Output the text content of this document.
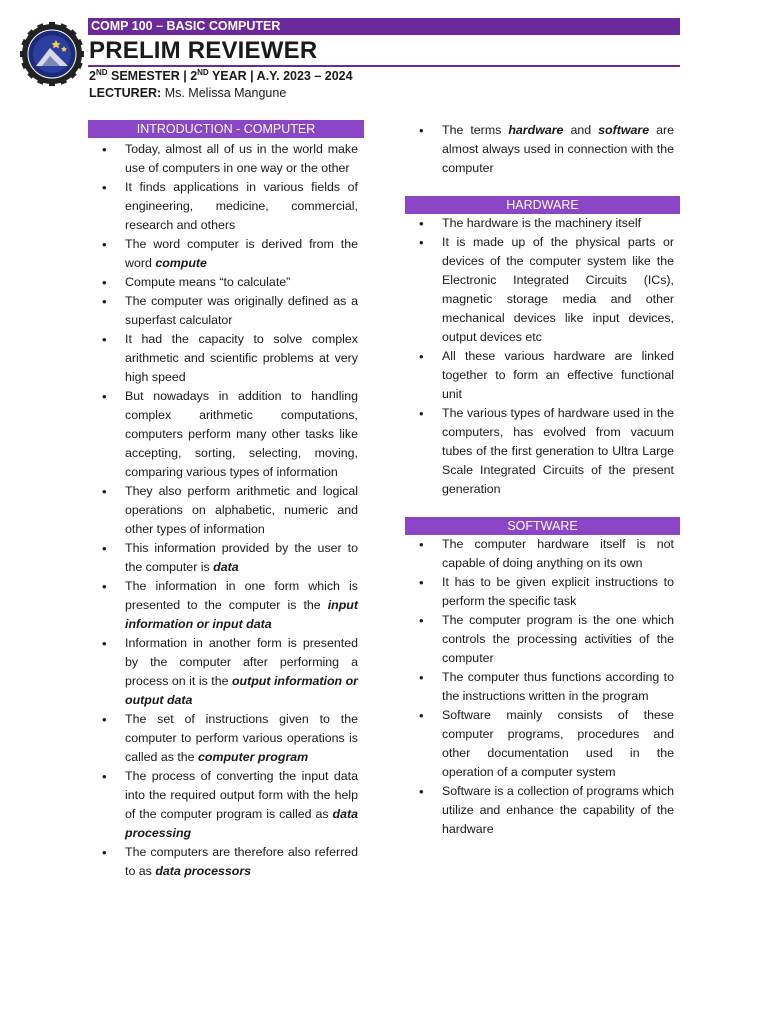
COMP 100 – BASIC COMPUTER
PRELIM REVIEWER
2ND SEMESTER | 2ND YEAR | A.Y. 2023 – 2024
LECTURER: Ms. Melissa Mangune
INTRODUCTION - COMPUTER
• Today, almost all of us in the world make use of computers in one way or the other
• It finds applications in various fields of engineering, medicine, commercial, research and others
• The word computer is derived from the word compute
• Compute means “to calculate”
• The computer was originally defined as a superfast calculator
• It had the capacity to solve complex arithmetic and scientific problems at very high speed
• But nowadays in addition to handling complex arithmetic computations, computers perform many other tasks like accepting, sorting, selecting, moving, comparing various types of information
• They also perform arithmetic and logical operations on alphabetic, numeric and other types of information
• This information provided by the user to the computer is data
• The information in one form which is presented to the computer is the input information or input data
• Information in another form is presented by the computer after performing a process on it is the output information or output data
• The set of instructions given to the computer to perform various operations is called as the computer program
• The process of converting the input data into the required output form with the help of the computer program is called as data processing
• The computers are therefore also referred to as data processors
• The terms hardware and software are almost always used in connection with the computer
HARDWARE
• The hardware is the machinery itself
• It is made up of the physical parts or devices of the computer system like the Electronic Integrated Circuits (ICs), magnetic storage media and other mechanical devices like input devices, output devices etc
• All these various hardware are linked together to form an effective functional unit
• The various types of hardware used in the computers, has evolved from vacuum tubes of the first generation to Ultra Large Scale Integrated Circuits of the present generation
SOFTWARE
• The computer hardware itself is not capable of doing anything on its own
• It has to be given explicit instructions to perform the specific task
• The computer program is the one which controls the processing activities of the computer
• The computer thus functions according to the instructions written in the program
• Software mainly consists of these computer programs, procedures and other documentation used in the operation of a computer system
• Software is a collection of programs which utilize and enhance the capability of the hardware
